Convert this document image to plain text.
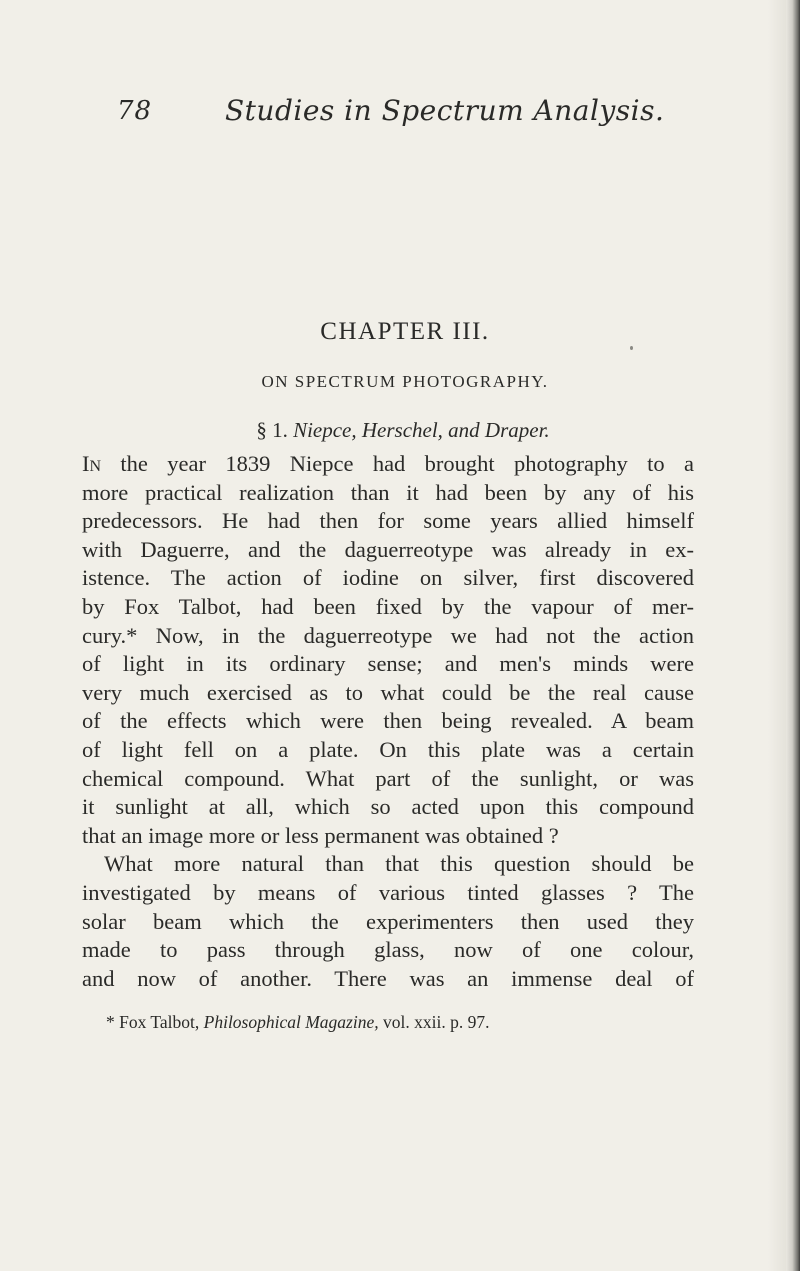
78	Studies in Spectrum Analysis.
CHAPTER III.
ON SPECTRUM PHOTOGRAPHY.
§ 1. Niepce, Herschel, and Draper.
In the year 1839 Niepce had brought photography to a
more practical realization than it had been by any of his
predecessors. He had then for some years allied himself
with Daguerre, and the daguerreotype was already in ex-
istence. The action of iodine on silver, first discovered
by Fox Talbot, had been fixed by the vapour of mer-
cury.* Now, in the daguerreotype we had not the action
of light in its ordinary sense; and men's minds were
very much exercised as to what could be the real cause
of the effects which were then being revealed. A beam
of light fell on a plate. On this plate was a certain
chemical compound. What part of the sunlight, or was
it sunlight at all, which so acted upon this compound
that an image more or less permanent was obtained ?
What more natural than that this question should be
investigated by means of various tinted glasses ? The
solar beam which the experimenters then used they
made to pass through glass, now of one colour,
and now of another. There was an immense deal of
* Fox Talbot, Philosophical Magazine, vol. xxii. p. 97.
